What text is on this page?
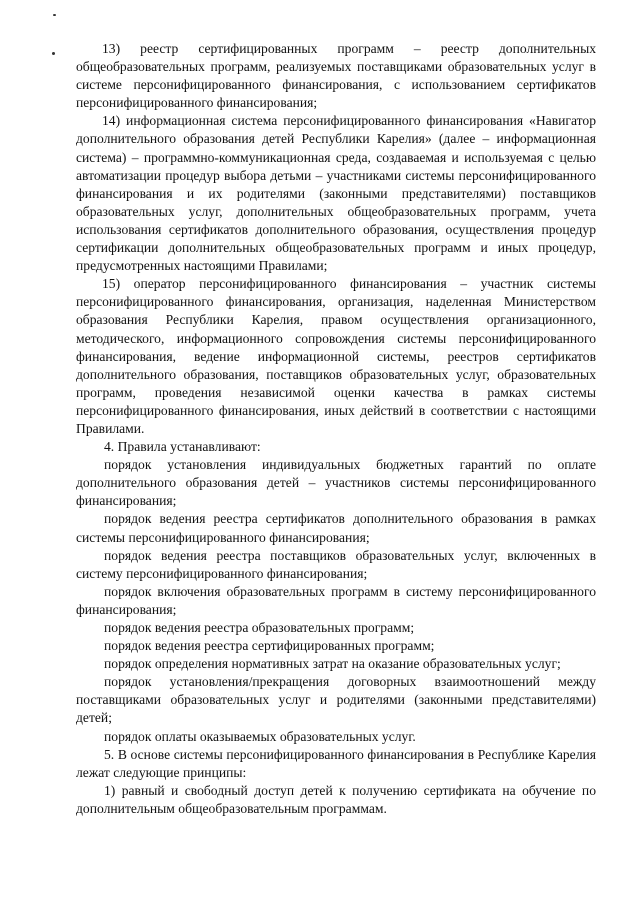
13) реестр сертифицированных программ – реестр дополнительных общеобразовательных программ, реализуемых поставщиками образовательных услуг в системе персонифицированного финансирования, с использованием сертификатов персонифицированного финансирования;

14) информационная система персонифицированного финансирования «Навигатор дополнительного образования детей Республики Карелия» (далее – информационная система) – программно-коммуникационная среда, создаваемая и используемая с целью автоматизации процедур выбора детьми – участниками системы персонифицированного финансирования и их родителями (законными представителями) поставщиков образовательных услуг, дополнительных общеобразовательных программ, учета использования сертификатов дополнительного образования, осуществления процедур сертификации дополнительных общеобразовательных программ и иных процедур, предусмотренных настоящими Правилами;

15) оператор персонифицированного финансирования – участник системы персонифицированного финансирования, организация, наделенная Министерством образования Республики Карелия, правом осуществления организационного, методического, информационного сопровождения системы персонифицированного финансирования, ведение информационной системы, реестров сертификатов дополнительного образования, поставщиков образовательных услуг, образовательных программ, проведения независимой оценки качества в рамках системы персонифицированного финансирования, иных действий в соответствии с настоящими Правилами.

4. Правила устанавливают:

порядок установления индивидуальных бюджетных гарантий по оплате дополнительного образования детей – участников системы персонифицированного финансирования;

порядок ведения реестра сертификатов дополнительного образования в рамках системы персонифицированного финансирования;

порядок ведения реестра поставщиков образовательных услуг, включенных в систему персонифицированного финансирования;

порядок включения образовательных программ в систему персонифицированного финансирования;

порядок ведения реестра образовательных программ;

порядок ведения реестра сертифицированных программ;

порядок определения нормативных затрат на оказание образовательных услуг;

порядок установления/прекращения договорных взаимоотношений между поставщиками образовательных услуг и родителями (законными представителями) детей;

порядок оплаты оказываемых образовательных услуг.

5. В основе системы персонифицированного финансирования в Республике Карелия лежат следующие принципы:

1) равный и свободный доступ детей к получению сертификата на обучение по дополнительным общеобразовательным программам.
